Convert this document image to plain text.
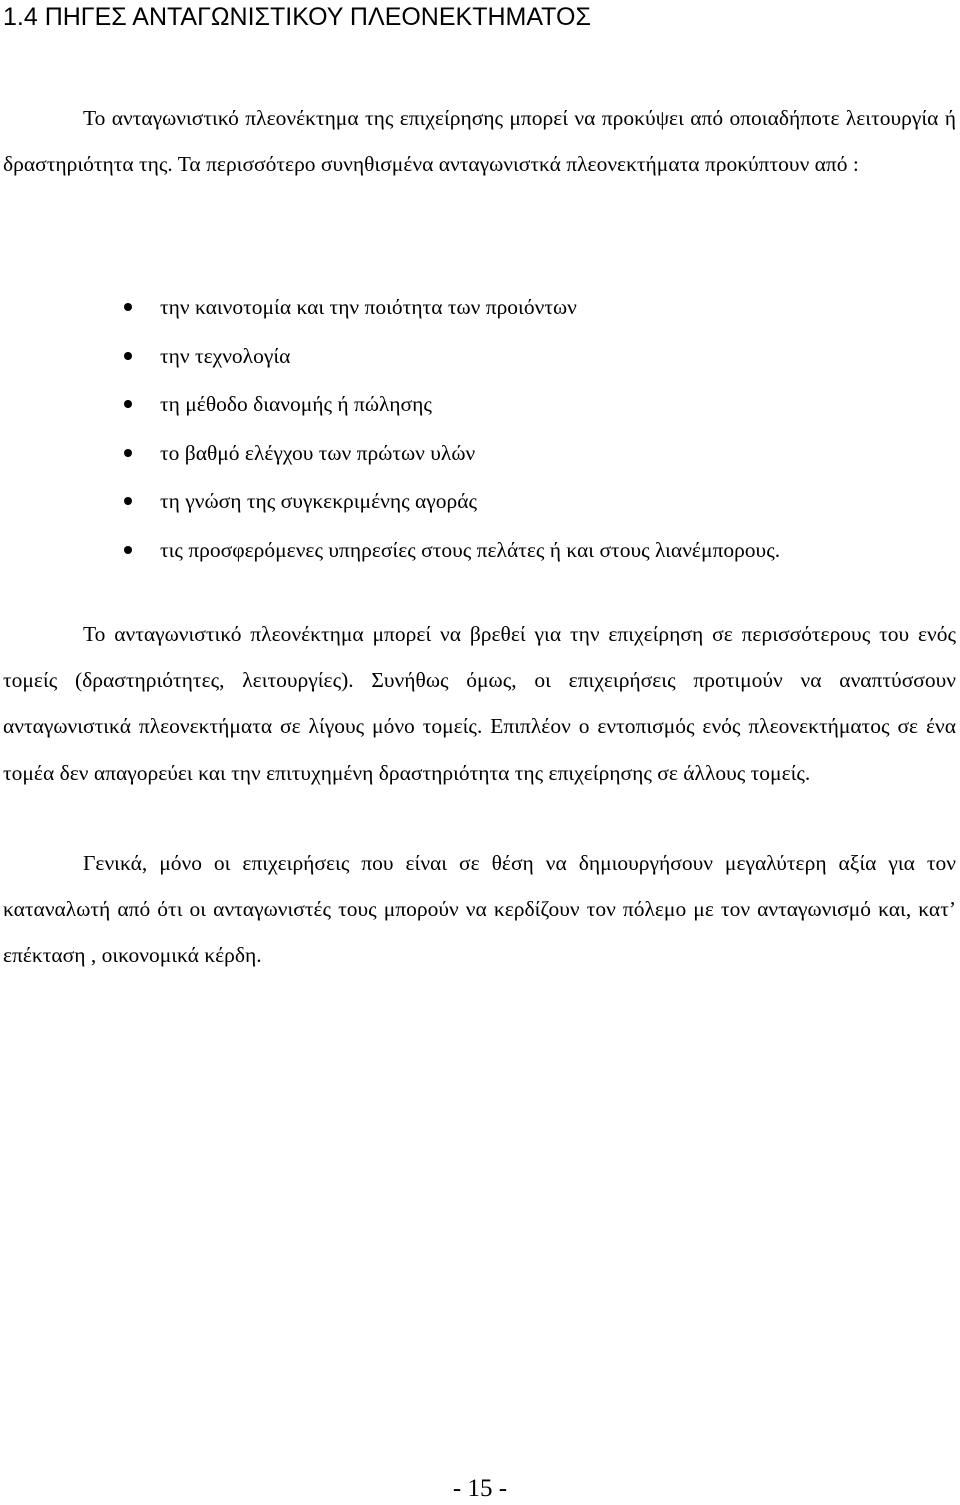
1.4 ΠΗΓΕΣ ΑΝΤΑΓΩΝΙΣΤΙΚΟΥ ΠΛΕΟΝΕΚΤΗΜΑΤΟΣ

Το ανταγωνιστικό πλεονέκτημα της επιχείρησης μπορεί να προκύψει από οποιαδήποτε λειτουργία ή δραστηριότητα της. Τα περισσότερο συνηθισμένα ανταγωνιστκά πλεονεκτήματα προκύπτουν από :

την καινοτομία και την ποιότητα των προιόντων
την τεχνολογία
τη μέθοδο διανομής ή πώλησης
το βαθμό ελέγχου των πρώτων υλών
τη γνώση της συγκεκριμένης αγοράς
τις προσφερόμενες υπηρεσίες στους πελάτες ή και στους λιανέμπορους.

Το ανταγωνιστικό πλεονέκτημα μπορεί να βρεθεί για την επιχείρηση σε περισσότερους του ενός τομείς (δραστηριότητες, λειτουργίες). Συνήθως όμως, οι επιχειρήσεις προτιμούν να αναπτύσσουν ανταγωνιστικά πλεονεκτήματα σε λίγους μόνο τομείς. Επιπλέον ο εντοπισμός ενός πλεονεκτήματος σε ένα τομέα δεν απαγορεύει και την επιτυχημένη δραστηριότητα της επιχείρησης σε άλλους τομείς.

Γενικά, μόνο οι επιχειρήσεις που είναι σε θέση να δημιουργήσουν μεγαλύτερη αξία για τον καταναλωτή από ότι οι ανταγωνιστές τους μπορούν να κερδίζουν τον πόλεμο με τον ανταγωνισμό και, κατ’ επέκταση , οικονομικά κέρδη.

- 15 -
